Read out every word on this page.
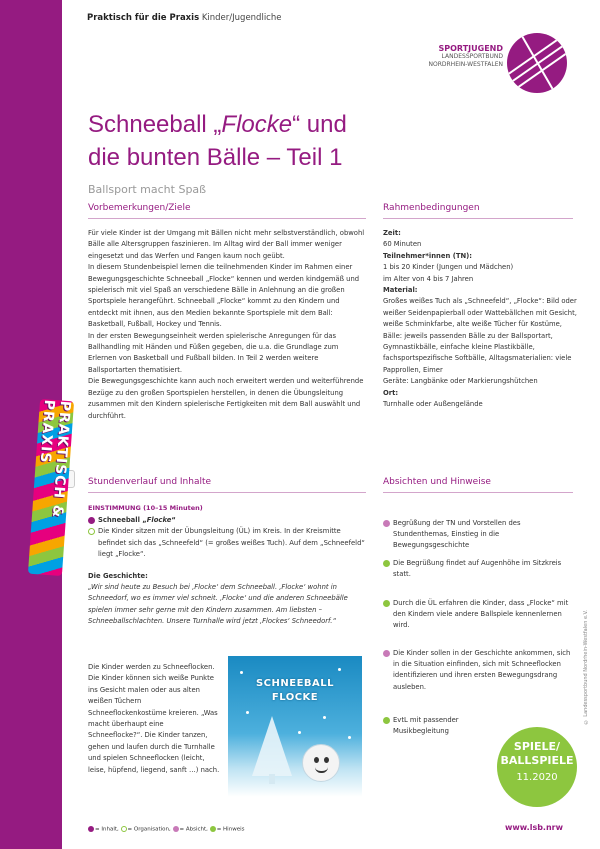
PRAKTISCH & PRAXIS
Praktisch für die Praxis Kinder/Jugendliche
SPORTJUGEND
LANDESSPORTBUND
NORDRHEIN-WESTFALEN
Schneeball „Flocke“ und
die bunten Bälle – Teil 1
Ballsport macht Spaß
Vorbemerkungen/Ziele

Für viele Kinder ist der Umgang mit Bällen nicht mehr selbstverständlich, obwohl Bälle alle Altersgruppen faszinieren. Im Alltag wird der Ball immer weniger eingesetzt und das Werfen und Fangen kaum noch geübt.

In diesem Stundenbeispiel lernen die teilnehmenden Kinder im Rahmen einer Bewegungsgeschichte Schneeball „Flocke“ kennen und werden kindgemäß und spielerisch mit viel Spaß an verschiedene Bälle in Anlehnung an die großen Sportspiele herangeführt. Schneeball „Flocke“ kommt zu den Kindern und entdeckt mit ihnen, aus den Medien bekannte Sportspiele mit dem Ball: Basketball, Fußball, Hockey und Tennis.

In der ersten Bewegungseinheit werden spielerische Anregungen für das Ballhandling mit Händen und Füßen gegeben, die u.a. die Grundlage zum Erlernen von Basketball und Fußball bilden. In Teil 2 werden weitere Ballsportarten thematisiert.

Die Bewegungsgeschichte kann auch noch erweitert werden und weiterführende Bezüge zu den großen Sportspielen herstellen, in denen die Übungsleitung zusammen mit den Kindern spielerische Fertigkeiten mit dem Ball auswählt und durchführt.

Rahmenbedingungen

Zeit:

60 Minuten

Teilnehmer*innen (TN):

1 bis 20 Kinder (Jungen und Mädchen)

im Alter von 4 bis 7 Jahren

Material:

Großes weißes Tuch als „Schneefeld“, „Flocke“: Bild oder weißer Seidenpapierball oder Wattebällchen mit Gesicht, weiße Schminkfarbe, alte weiße Tücher für Kostüme, Bälle: jeweils passenden Bälle zu der Ballsportart, Gymnastikbälle, einfache kleine Plastikbälle, fachsportspezifische Softbälle, Alltagsmaterialien: viele Papprollen, Eimer

Geräte: Langbänke oder Markierungshütchen

Ort:

Turnhalle oder Außengelände

Stundenverlauf und Inhalte
EINSTIMMUNG (10–15 Minuten)

Schneeball „Flocke“

Die Kinder sitzen mit der Übungsleitung (ÜL) im Kreis. In der Kreismitte befindet sich das „Schneefeld“ (= großes weißes Tuch). Auf dem „Schneefeld“ liegt „Flocke“.

Die Geschichte:

„Wir sind heute zu Besuch bei ‚Flocke‘ dem Schneeball. ‚Flocke‘ wohnt in Schneedorf, wo es immer viel schneit. ‚Flocke‘ und die anderen Schneebälle spielen immer sehr gerne mit den Kindern zusammen. Am liebsten – Schneeballschlachten. Unsere Turnhalle wird jetzt ‚Flockes‘ Schneedorf.“

Die Kinder werden zu Schneeflocken. Die Kinder können sich weiße Punkte ins Gesicht malen oder aus alten weißen Tüchern Schneeflockenkostüme kreieren. „Was macht überhaupt eine Schneeflocke?“. Die Kinder tanzen, gehen und laufen durch die Turnhalle und spielen Schneeflocken (leicht, leise, hüpfend, liegend, sanft …) nach.
SCHNEEBALL
FLOCKE
Absichten und Hinweise
Begrüßung der TN und Vorstellen des Stundenthemas, Einstieg in die Bewegungsgeschichte
Die Begrüßung findet auf Augenhöhe im Sitzkreis statt.
Durch die ÜL erfahren die Kinder, dass „Flocke“ mit den Kindern viele andere Ballspiele kennenlernen wird.
Die Kinder sollen in der Geschichte ankommen, sich in die Situation einfinden, sich mit Schneeflocken identifizieren und ihren ersten Bewegungsdrang ausleben.
EvtL mit passender Musikbegleitung
SPIELE/
BALLSPIELE
11.2020
= Inhalt, = Organisation, = Absicht, = Hinweis	www.lsb.nrw
© Landessportbund Nordrhein-Westfalen e.V.
